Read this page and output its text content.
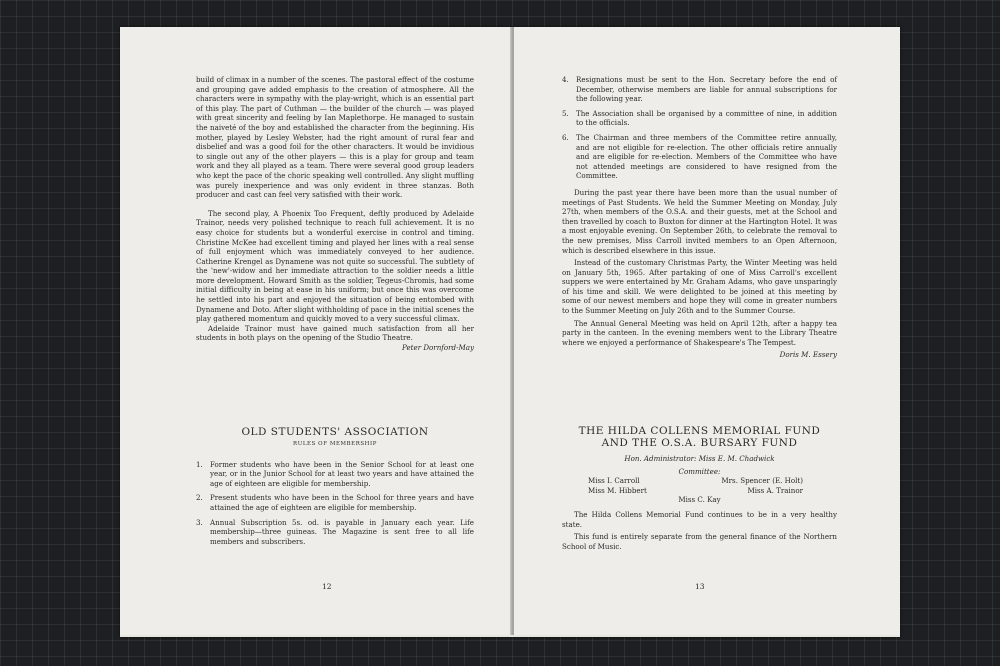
build of climax in a number of the scenes. The pastoral effect of the costume and grouping gave added emphasis to the creation of atmosphere. All the characters were in sympathy with the play-wright, which is an essential part of this play. The part of Cuthman — the builder of the church — was played with great sincerity and feeling by Ian Maplethorpe. He managed to sustain the naiveté of the boy and established the character from the beginning. His mother, played by Lesley Webster, had the right amount of rural fear and disbelief and was a good foil for the other characters. It would be invidious to single out any of the other players — this is a play for group and team work and they all played as a team. There were several good group leaders who kept the pace of the choric speaking well controlled. Any slight muffling was purely inexperience and was only evident in three stanzas. Both producer and cast can feel very satisfied with their work.

The second play, A Phoenix Too Frequent, deftly produced by Adelaide Trainor, needs very polished technique to reach full achievement. It is no easy choice for students but a wonderful exercise in control and timing. Christine McKee had excellent timing and played her lines with a real sense of full enjoyment which was immediately conveyed to her audience. Catherine Krengel as Dynamene was not quite so successful. The subtlety of the 'new'-widow and her immediate attraction to the soldier needs a little more development. Howard Smith as the soldier, Tegeus-Chromis, had some initial difficulty in being at ease in his uniform; but once this was overcome he settled into his part and enjoyed the situation of being entombed with Dynamene and Doto. After slight withholding of pace in the initial scenes the play gathered momentum and quickly moved to a very successful climax.

Adelaide Trainor must have gained much satisfaction from all her students in both plays on the opening of the Studio Theatre.

Peter Dornford-May

OLD STUDENTS' ASSOCIATION
RULES OF MEMBERSHIP
1. Former students who have been in the Senior School for at least one year, or in the Junior School for at least two years and have attained the age of eighteen are eligible for membership.
2. Present students who have been in the School for three years and have attained the age of eighteen are eligible for membership.
3. Annual Subscription 5s. od. is payable in January each year. Life membership—three guineas. The Magazine is sent free to all life members and subscribers.
12
4. Resignations must be sent to the Hon. Secretary before the end of December, otherwise members are liable for annual subscriptions for the following year.
5. The Association shall be organised by a committee of nine, in addition to the officials.
6. The Chairman and three members of the Committee retire annually, and are not eligible for re-election. The other officials retire annually and are eligible for re-election. Members of the Committee who have not attended meetings are considered to have resigned from the Committee.

During the past year there have been more than the usual number of meetings of Past Students. We held the Summer Meeting on Monday, July 27th, when members of the O.S.A. and their guests, met at the School and then travelled by coach to Buxton for dinner at the Hartington Hotel. It was a most enjoyable evening. On September 26th, to celebrate the removal to the new premises, Miss Carroll invited members to an Open Afternoon, which is described elsewhere in this issue.

Instead of the customary Christmas Party, the Winter Meeting was held on January 5th, 1965. After partaking of one of Miss Carroll's excellent suppers we were entertained by Mr. Graham Adams, who gave unsparingly of his time and skill. We were delighted to be joined at this meeting by some of our newest members and hope they will come in greater numbers to the Summer Meeting on July 26th and to the Summer Course.

The Annual General Meeting was held on April 12th, after a happy tea party in the canteen. In the evening members went to the Library Theatre where we enjoyed a performance of Shakespeare's The Tempest.

Doris M. Essery

THE HILDA COLLENS MEMORIAL FUND
AND THE O.S.A. BURSARY FUND
Hon. Administrator: Miss E. M. Chadwick
Committee:
Miss I. Carroll
Miss M. Hibbert
Mrs. Spencer (E. Holt)
Miss A. Trainor
Miss C. Kay

The Hilda Collens Memorial Fund continues to be in a very healthy state.

This fund is entirely separate from the general finance of the Northern School of Music.

13
